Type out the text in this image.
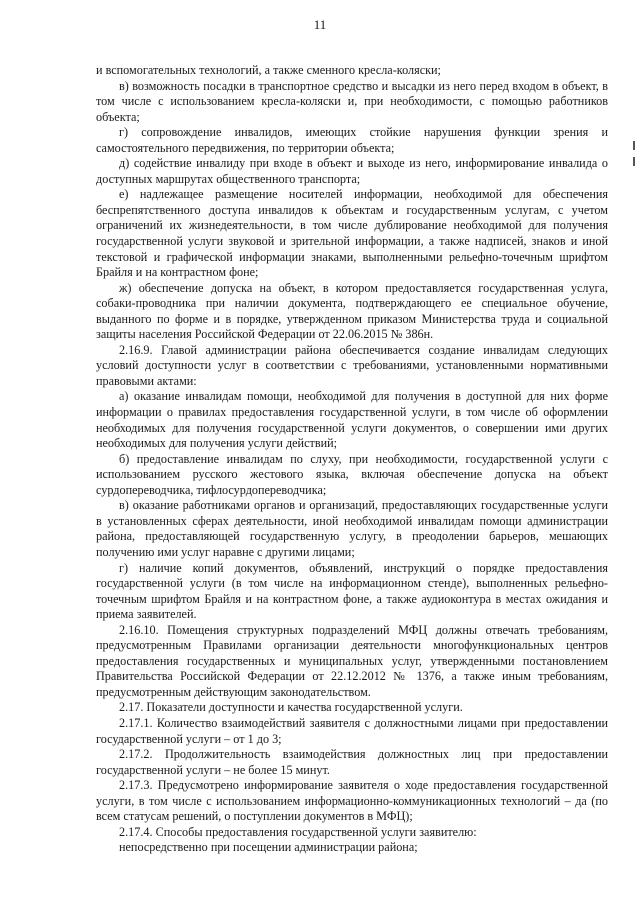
11

и вспомогательных технологий, а также сменного кресла-коляски;

в) возможность посадки в транспортное средство и высадки из него перед входом в объект, в том числе с использованием кресла-коляски и, при необходимости, с помощью работников объекта;

г) сопровождение инвалидов, имеющих стойкие нарушения функции зрения и самостоятельного передвижения, по территории объекта;

д) содействие инвалиду при входе в объект и выходе из него, информирование инвалида о доступных маршрутах общественного транспорта;

е) надлежащее размещение носителей информации, необходимой для обеспечения беспрепятственного доступа инвалидов к объектам и государственным услугам, с учетом ограничений их жизнедеятельности, в том числе дублирование необходимой для получения государственной услуги звуковой и зрительной информации, а также надписей, знаков и иной текстовой и графической информации знаками, выполненными рельефно-точечным шрифтом Брайля и на контрастном фоне;

ж) обеспечение допуска на объект, в котором предоставляется государственная услуга, собаки-проводника при наличии документа, подтверждающего ее специальное обучение, выданного по форме и в порядке, утвержденном приказом Министерства труда и социальной защиты населения Российской Федерации от 22.06.2015 № 386н.

2.16.9. Главой администрации района обеспечивается создание инвалидам следующих условий доступности услуг в соответствии с требованиями, установленными нормативными правовыми актами:

а) оказание инвалидам помощи, необходимой для получения в доступной для них форме информации о правилах предоставления государственной услуги, в том числе об оформлении необходимых для получения государственной услуги документов, о совершении ими других необходимых для получения услуги действий;

б) предоставление инвалидам по слуху, при необходимости, государственной услуги с использованием русского жестового языка, включая обеспечение допуска на объект сурдопереводчика, тифлосурдопереводчика;

в) оказание работниками органов и организаций, предоставляющих государственные услуги в установленных сферах деятельности, иной необходимой инвалидам помощи администрации района, предоставляющей государственную услугу, в преодолении барьеров, мешающих получению ими услуг наравне с другими лицами;

г) наличие копий документов, объявлений, инструкций о порядке предоставления государственной услуги (в том числе на информационном стенде), выполненных рельефно-точечным шрифтом Брайля и на контрастном фоне, а также аудиоконтура в местах ожидания и приема заявителей.

2.16.10. Помещения структурных подразделений МФЦ должны отвечать требованиям, предусмотренным Правилами организации деятельности многофункциональных центров предоставления государственных и муниципальных услуг, утвержденными постановлением Правительства Российской Федерации от 22.12.2012 № 1376, а также иным требованиям, предусмотренным действующим законодательством.

2.17. Показатели доступности и качества государственной услуги.

2.17.1. Количество взаимодействий заявителя с должностными лицами при предоставлении государственной услуги – от 1 до 3;

2.17.2. Продолжительность взаимодействия должностных лиц при предоставлении государственной услуги – не более 15 минут.

2.17.3. Предусмотрено информирование заявителя о ходе предоставления государственной услуги, в том числе с использованием информационно-коммуникационных технологий – да (по всем статусам решений, о поступлении документов в МФЦ);

2.17.4. Способы предоставления государственной услуги заявителю:

непосредственно при посещении администрации района;
